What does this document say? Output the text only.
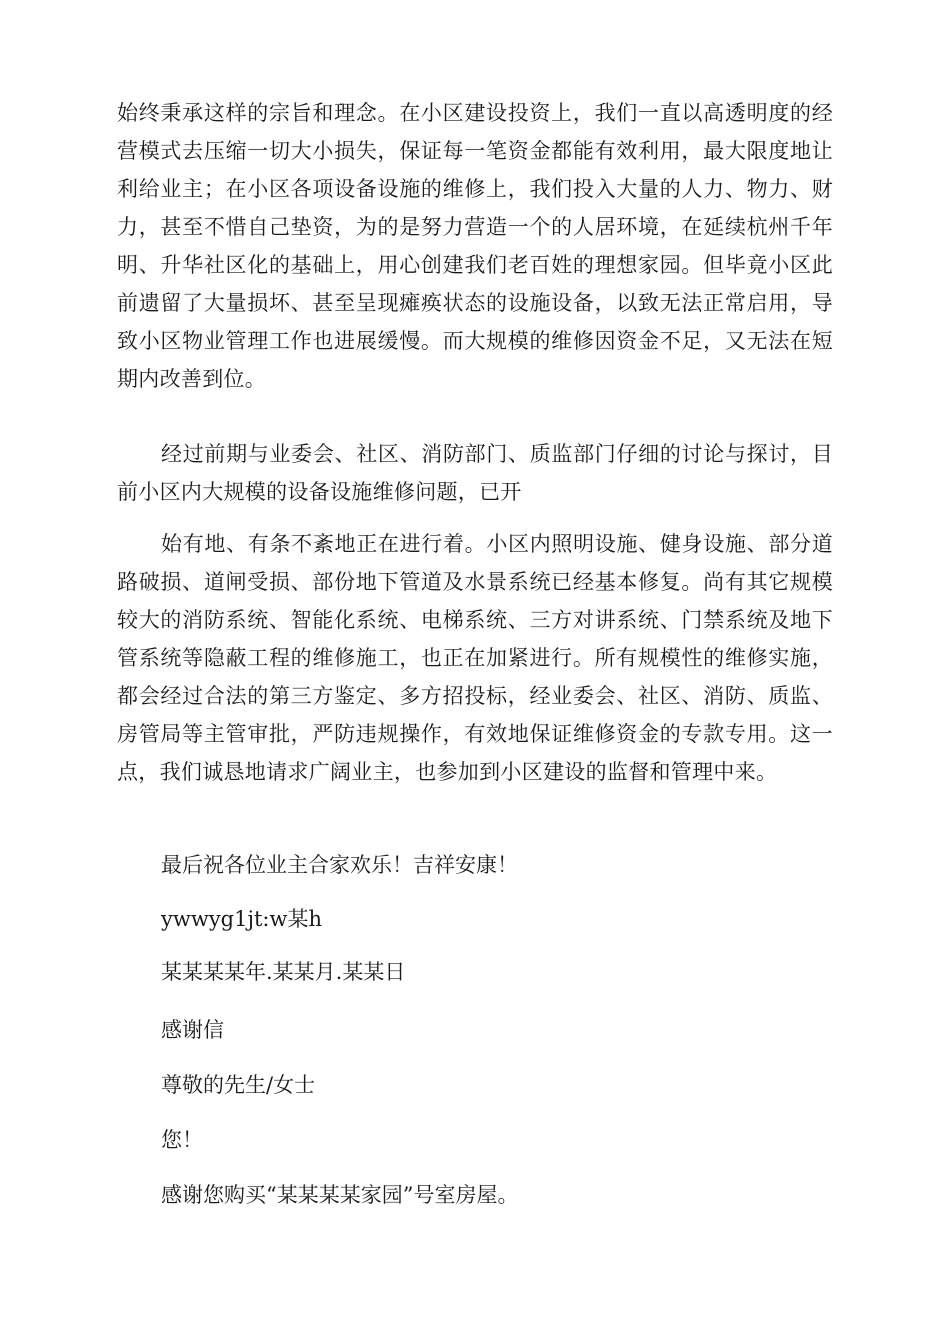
始终秉承这样的宗旨和理念。在小区建设投资上，我们一直以高透明度的经营模式去压缩一切大小损失，保证每一笔资金都能有效利用，最大限度地让利给业主；在小区各项设备设施的维修上，我们投入大量的人力、物力、财力，甚至不惜自己垫资，为的是努力营造一个的人居环境，在延续杭州千年明、升华社区化的基础上，用心创建我们老百姓的理想家园。但毕竟小区此前遗留了大量损坏、甚至呈现瘫痪状态的设施设备，以致无法正常启用，导致小区物业管理工作也进展缓慢。而大规模的维修因资金不足，又无法在短期内改善到位。

经过前期与业委会、社区、消防部门、质监部门仔细的讨论与探讨，目前小区内大规模的设备设施维修问题，已开

始有地、有条不紊地正在进行着。小区内照明设施、健身设施、部分道路破损、道闸受损、部份地下管道及水景系统已经基本修复。尚有其它规模较大的消防系统、智能化系统、电梯系统、三方对讲系统、门禁系统及地下管系统等隐蔽工程的维修施工，也正在加紧进行。所有规模性的维修实施，都会经过合法的第三方鉴定、多方招投标，经业委会、社区、消防、质监、房管局等主管审批，严防违规操作，有效地保证维修资金的专款专用。这一点，我们诚恳地请求广阔业主，也参加到小区建设的监督和管理中来。

最后祝各位业主合家欢乐！吉祥安康！
ywwyg1jt:w某h
某某某某年.某某月.某某日
感谢信
尊敬的先生/女士
您！
感谢您购买“某某某某家园”号室房屋。
